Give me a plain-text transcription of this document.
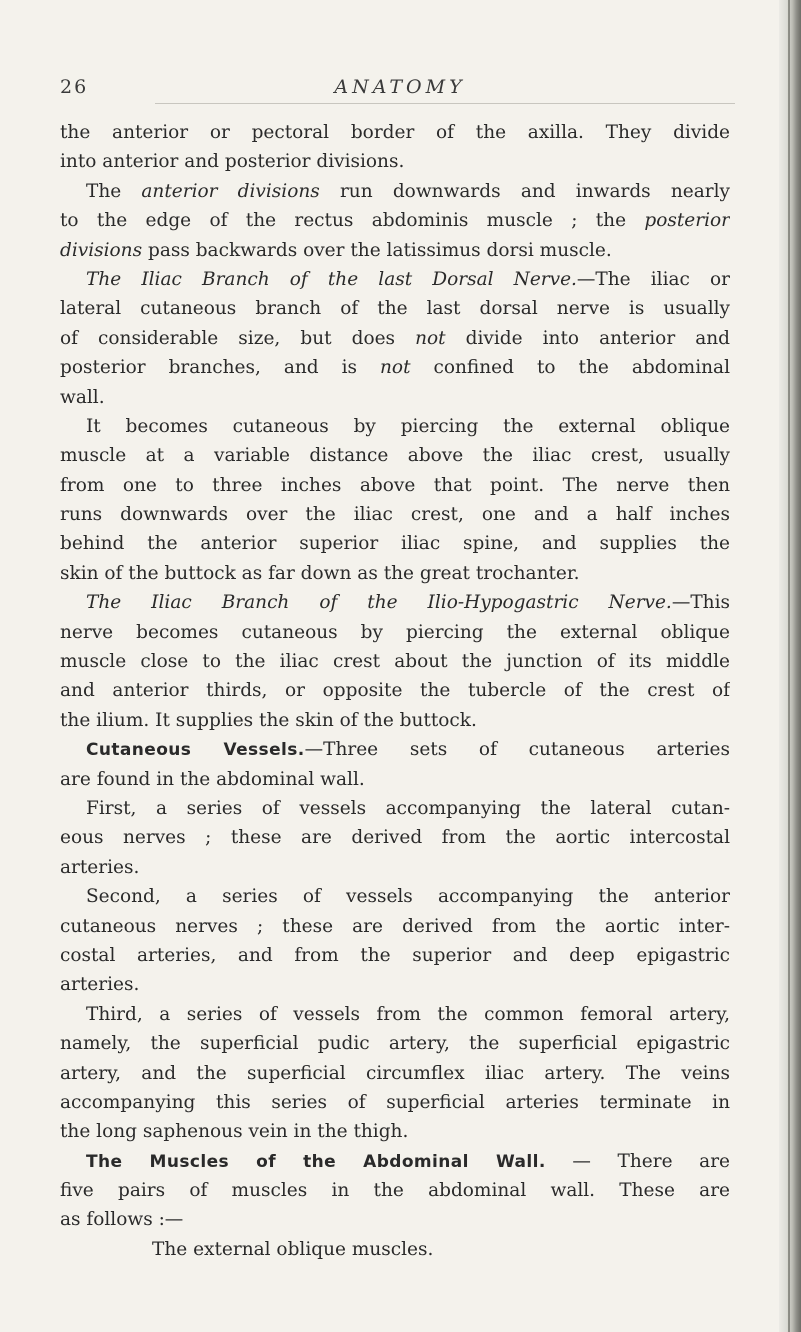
26	ANATOMY
the anterior or pectoral border of the axilla. They divide
into anterior and posterior divisions.
The anterior divisions run downwards and inwards nearly
to the edge of the rectus abdominis muscle ; the posterior
divisions pass backwards over the latissimus dorsi muscle.
The Iliac Branch of the last Dorsal Nerve.—The iliac or
lateral cutaneous branch of the last dorsal nerve is usually
of considerable size, but does not divide into anterior and
posterior branches, and is not confined to the abdominal
wall.
It becomes cutaneous by piercing the external oblique
muscle at a variable distance above the iliac crest, usually
from one to three inches above that point. The nerve then
runs downwards over the iliac crest, one and a half inches
behind the anterior superior iliac spine, and supplies the
skin of the buttock as far down as the great trochanter.
The Iliac Branch of the Ilio-Hypogastric Nerve.—This
nerve becomes cutaneous by piercing the external oblique
muscle close to the iliac crest about the junction of its middle
and anterior thirds, or opposite the tubercle of the crest of
the ilium. It supplies the skin of the buttock.
Cutaneous Vessels.—Three sets of cutaneous arteries
are found in the abdominal wall.
First, a series of vessels accompanying the lateral cutan-
eous nerves ; these are derived from the aortic intercostal
arteries.
Second, a series of vessels accompanying the anterior
cutaneous nerves ; these are derived from the aortic inter-
costal arteries, and from the superior and deep epigastric
arteries.
Third, a series of vessels from the common femoral artery,
namely, the superficial pudic artery, the superficial epigastric
artery, and the superficial circumflex iliac artery. The veins
accompanying this series of superficial arteries terminate in
the long saphenous vein in the thigh.
The Muscles of the Abdominal Wall. — There are
five pairs of muscles in the abdominal wall. These are
as follows :—
The external oblique muscles.
